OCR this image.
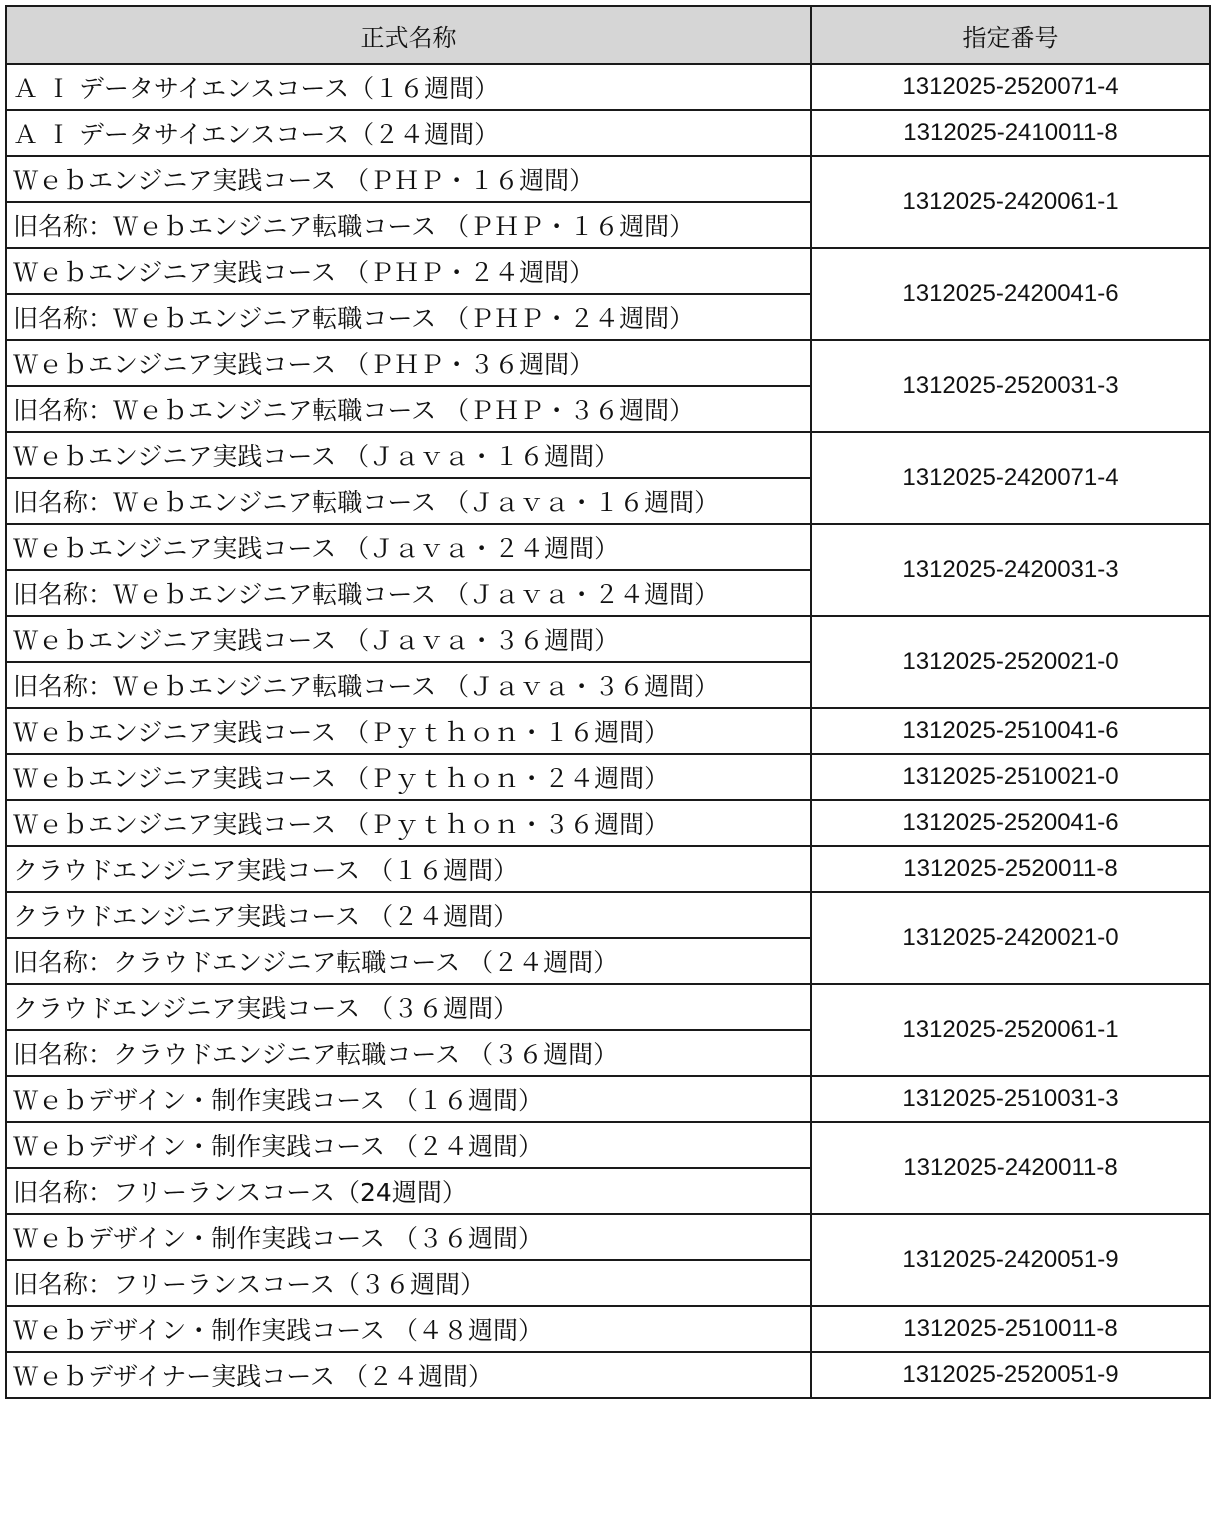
正式名称	指定番号
Ａ Ｉ データサイエンスコース（１６週間）	1312025-2520071-4
Ａ Ｉ データサイエンスコース（２４週間）	1312025-2410011-8
Ｗｅｂエンジニア実践コース （ＰＨＰ・１６週間）	1312025-2420061-1
旧名称：Ｗｅｂエンジニア転職コース （ＰＨＰ・１６週間）	
Ｗｅｂエンジニア実践コース （ＰＨＰ・２４週間）	1312025-2420041-6
旧名称：Ｗｅｂエンジニア転職コース （ＰＨＰ・２４週間）	
Ｗｅｂエンジニア実践コース （ＰＨＰ・３６週間）	1312025-2520031-3
旧名称：Ｗｅｂエンジニア転職コース （ＰＨＰ・３６週間）	
Ｗｅｂエンジニア実践コース （Ｊａｖａ・１６週間）	1312025-2420071-4
旧名称：Ｗｅｂエンジニア転職コース （Ｊａｖａ・１６週間）	
Ｗｅｂエンジニア実践コース （Ｊａｖａ・２４週間）	1312025-2420031-3
旧名称：Ｗｅｂエンジニア転職コース （Ｊａｖａ・２４週間）	
Ｗｅｂエンジニア実践コース （Ｊａｖａ・３６週間）	1312025-2520021-0
旧名称：Ｗｅｂエンジニア転職コース （Ｊａｖａ・３６週間）	
Ｗｅｂエンジニア実践コース （Ｐｙｔｈｏｎ・１６週間）	1312025-2510041-6
Ｗｅｂエンジニア実践コース （Ｐｙｔｈｏｎ・２４週間）	1312025-2510021-0
Ｗｅｂエンジニア実践コース （Ｐｙｔｈｏｎ・３６週間）	1312025-2520041-6
クラウドエンジニア実践コース （１６週間）	1312025-2520011-8
クラウドエンジニア実践コース （２４週間）	1312025-2420021-0
旧名称：クラウドエンジニア転職コース （２４週間）	
クラウドエンジニア実践コース （３６週間）	1312025-2520061-1
旧名称：クラウドエンジニア転職コース （３６週間）	
Ｗｅｂデザイン・制作実践コース （１６週間）	1312025-2510031-3
Ｗｅｂデザイン・制作実践コース （２４週間）	1312025-2420011-8
旧名称：フリーランスコース（24週間）	
Ｗｅｂデザイン・制作実践コース （３６週間）	1312025-2420051-9
旧名称：フリーランスコース（３６週間）	
Ｗｅｂデザイン・制作実践コース （４８週間）	1312025-2510011-8
Ｗｅｂデザイナー実践コース （２４週間）	1312025-2520051-9
